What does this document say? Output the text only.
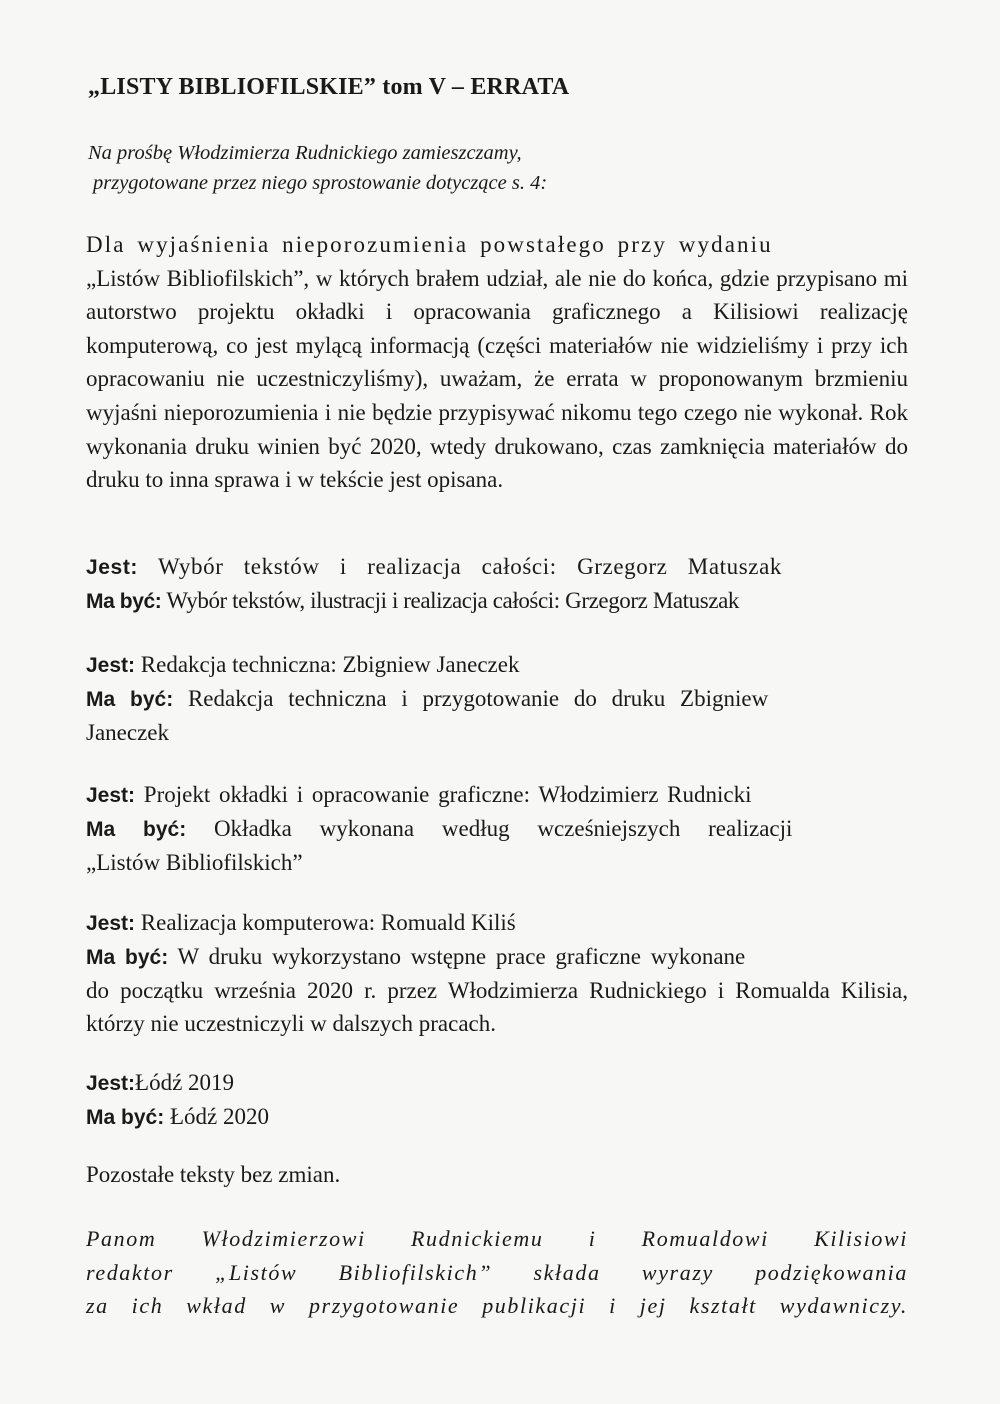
„LISTY BIBLIOFILSKIE” tom V – ERRATA
Na prośbę Włodzimierza Rudnickiego zamieszczamy,
przygotowane przez niego sprostowanie dotyczące s. 4:
Dla wyjaśnienia nieporozumienia powstałego przy wydaniu
„Listów Bibliofilskich”, w których brałem udział, ale nie do końca, gdzie przypisano mi autorstwo projektu okładki i opracowania graficznego a Kilisiowi realizację komputerową, co jest mylącą informacją (części materiałów nie widzieliśmy i przy ich opracowaniu nie uczestniczyliśmy), uważam, że errata w proponowanym brzmieniu wyjaśni nieporozumienia i nie będzie przypisywać nikomu tego czego nie wykonał. Rok wykonania druku winien być 2020, wtedy drukowano, czas zamknięcia materiałów do druku to inna sprawa i w tekście jest opisana.
Jest: Wybór tekstów i realizacja całości: Grzegorz Matuszak
Ma być: Wybór tekstów, ilustracji i realizacja całości: Grzegorz Matuszak
Jest: Redakcja techniczna: Zbigniew Janeczek
Ma być: Redakcja techniczna i przygotowanie do druku Zbigniew
Janeczek
Jest: Projekt okładki i opracowanie graficzne: Włodzimierz Rudnicki
Ma być: Okładka wykonana według wcześniejszych realizacji
„Listów Bibliofilskich”
Jest: Realizacja komputerowa: Romuald Kiliś
Ma być: W druku wykorzystano wstępne prace graficzne wykonane
do początku września 2020 r. przez Włodzimierza Rudnickiego i Romualda Kilisia, którzy nie uczestniczyli w dalszych pracach.
Jest:Łódź 2019
Ma być: Łódź 2020
Pozostałe teksty bez zmian.
Panom Włodzimierzowi Rudnickiemu i Romualdowi Kilisiowi
redaktor „Listów Bibliofilskich” składa wyrazy podziękowania
za ich wkład w przygotowanie publikacji i jej kształt wydawniczy.
